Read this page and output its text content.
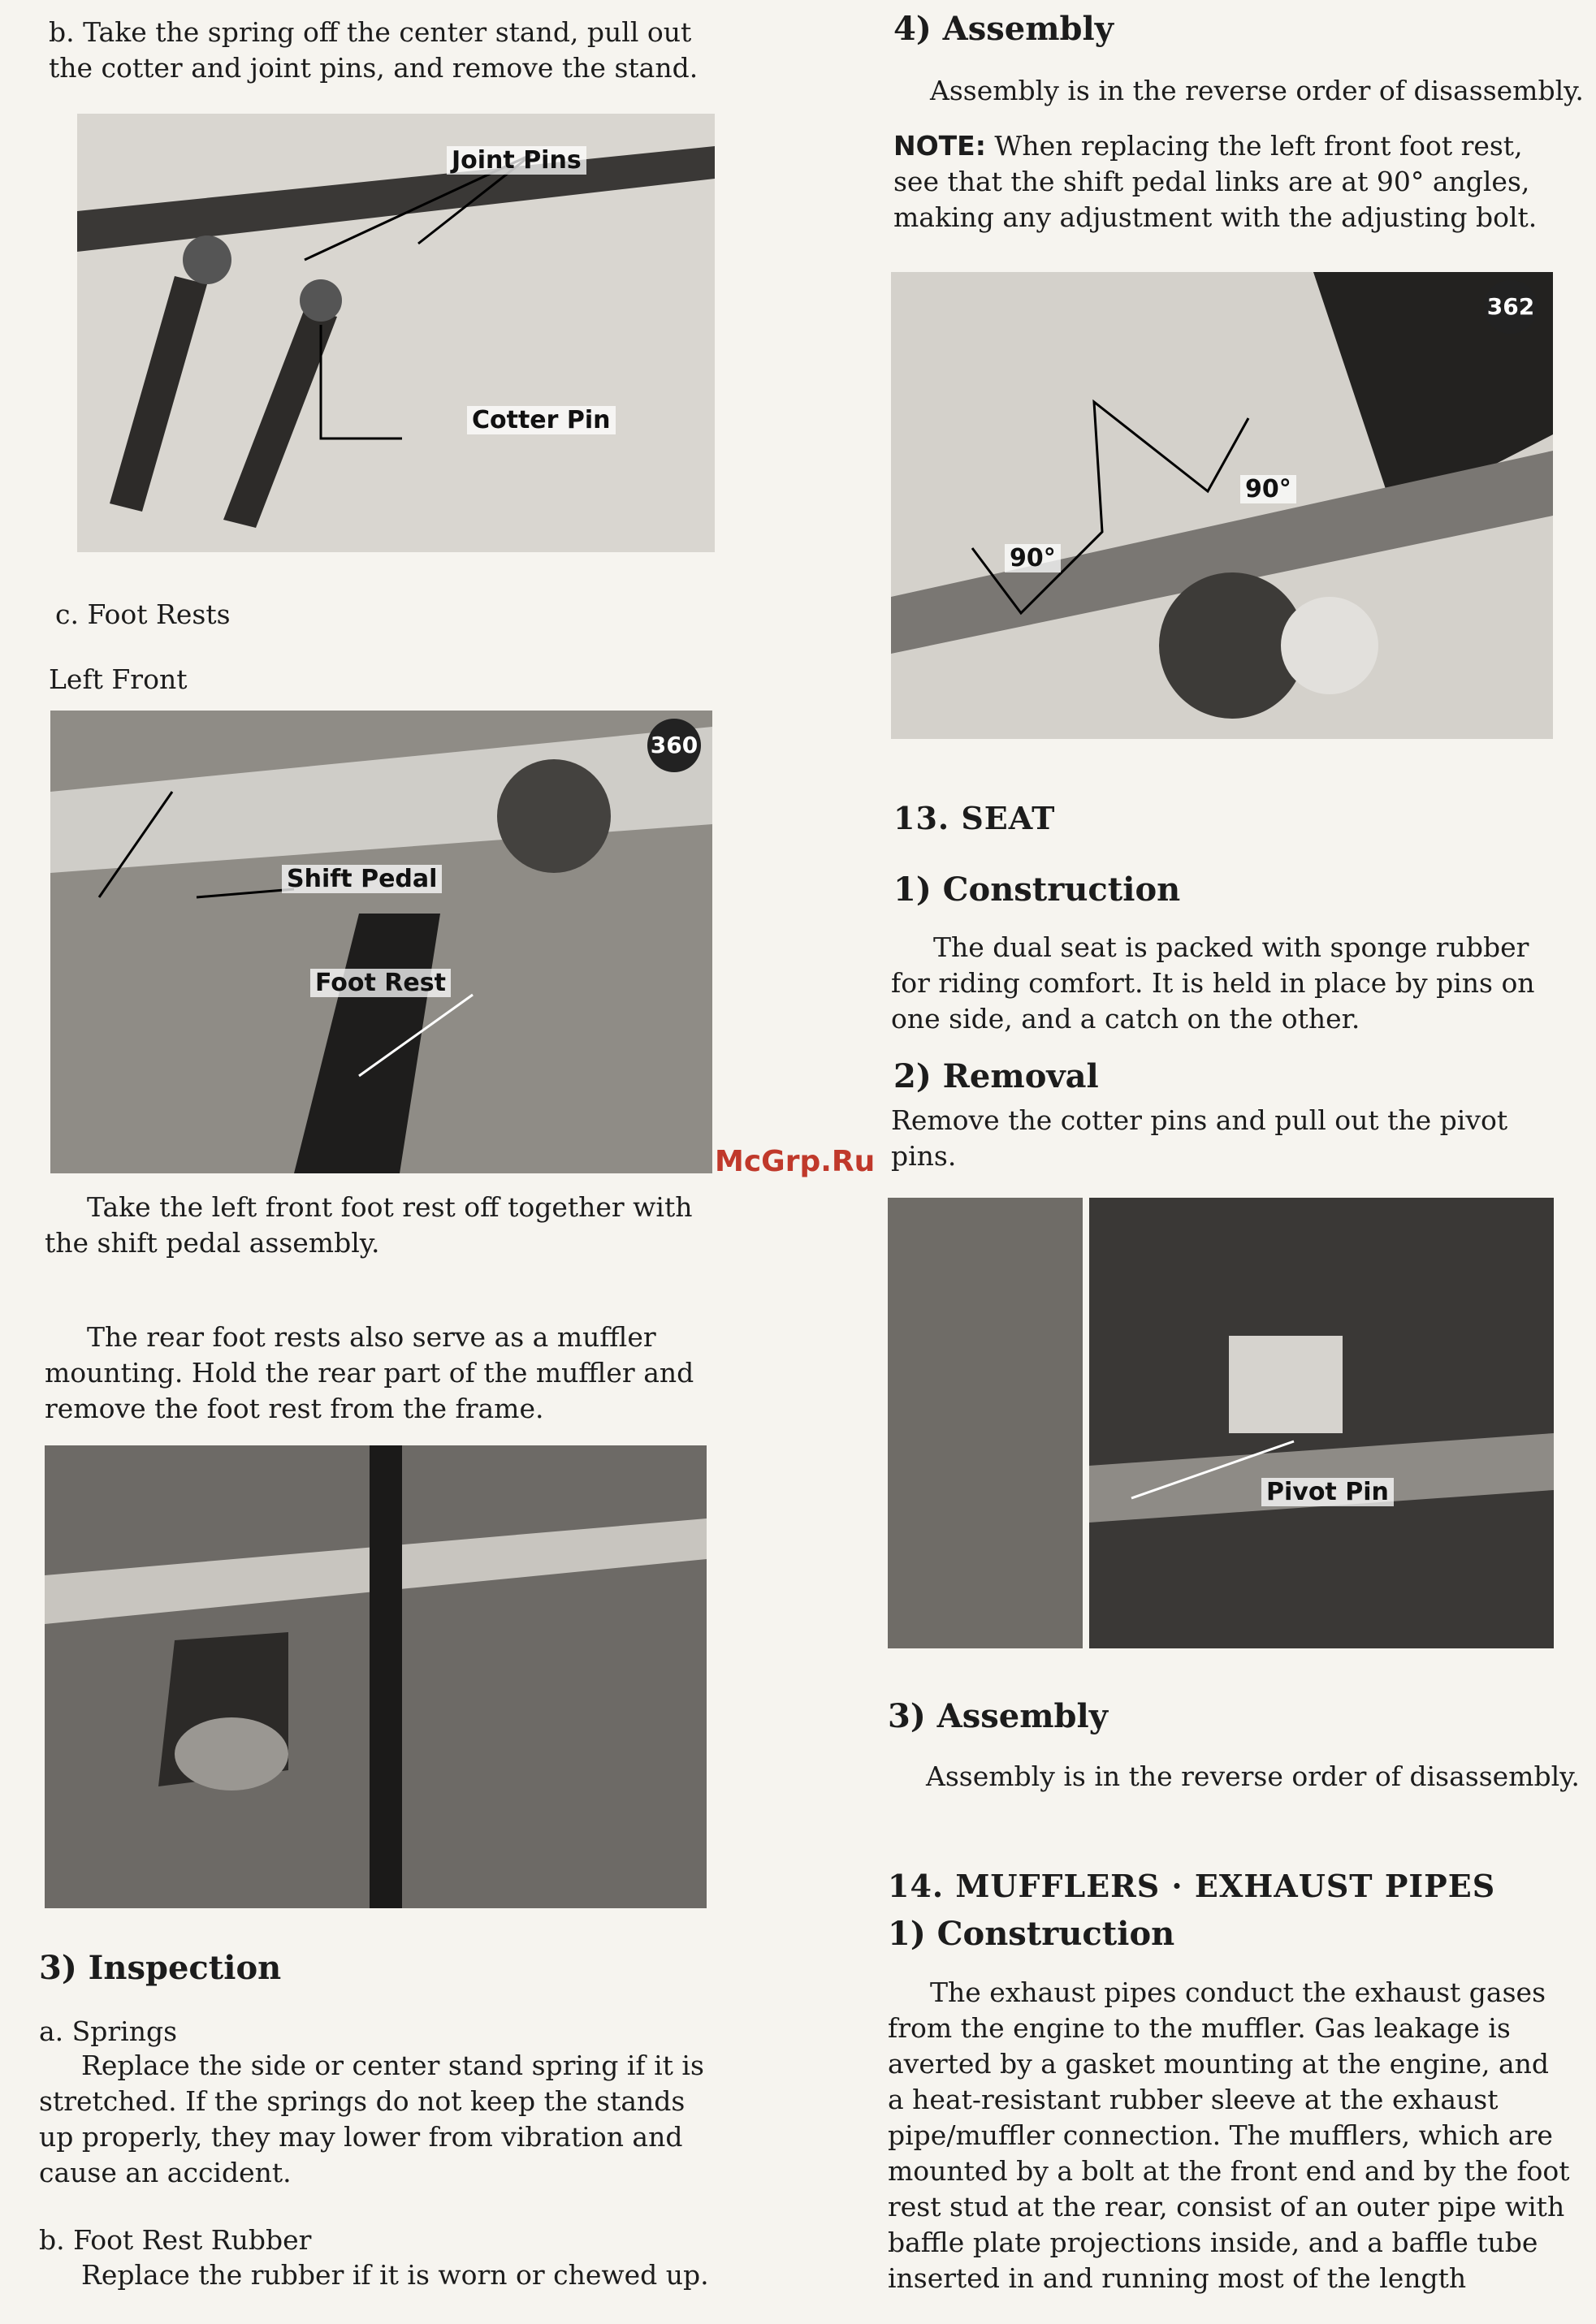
b. Take the spring off the center stand, pull out the cotter and joint pins, and remove the stand.

Joint Pins
Cotter Pin

c. Foot Rests

Left Front

360
Shift Pedal
Foot Rest

Take the left front foot rest off together with the shift pedal assembly.

The rear foot rests also serve as a muffler mounting. Hold the rear part of the muffler and remove the foot rest from the frame.

3) Inspection

a. Springs

Replace the side or center stand spring if it is stretched. If the springs do not keep the stands up properly, they may lower from vibration and cause an accident.

b. Foot Rest Rubber

Replace the rubber if it is worn or chewed up.

McGrp.Ru

4) Assembly

Assembly is in the reverse order of disassembly.

NOTE: When replacing the left front foot rest, see that the shift pedal links are at 90° angles, making any adjustment with the adjusting bolt.

362
90°
90°

13. SEAT

1) Construction

The dual seat is packed with sponge rubber for riding comfort. It is held in place by pins on one side, and a catch on the other.

2) Removal

Remove the cotter pins and pull out the pivot pins.

Pivot Pin

3) Assembly

Assembly is in the reverse order of disassembly.

14. MUFFLERS · EXHAUST PIPES

1) Construction

The exhaust pipes conduct the exhaust gases from the engine to the muffler. Gas leakage is averted by a gasket mounting at the engine, and a heat-resistant rubber sleeve at the exhaust pipe/muffler connection. The mufflers, which are mounted by a bolt at the front end and by the foot rest stud at the rear, consist of an outer pipe with baffle plate projections inside, and a baffle tube inserted in and running most of the length
